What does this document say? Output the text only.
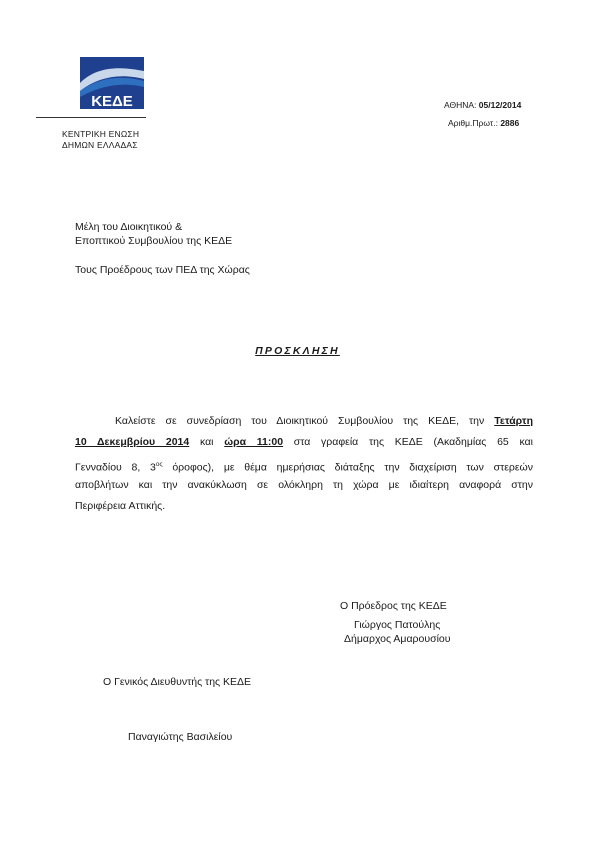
ΚΕΔΕ
ΚΕΝΤΡΙΚΗ ΕΝΩΣΗ
ΔΗΜΩΝ ΕΛΛΑΔΑΣ
ΑΘΗΝΑ: 05/12/2014
Αριθμ.Πρωτ.: 2886
Μέλη του Διοικητικού &
Εποπτικού Συμβουλίου της ΚΕΔΕ
Τους Προέδρους των ΠΕΔ της Χώρας
ΠΡΟΣΚΛΗΣΗ
Καλείστε σε συνεδρίαση του Διοικητικού Συμβουλίου της ΚΕΔΕ, την Τετάρτη
10 Δεκεμβρίου 2014 και ώρα 11:00 στα γραφεία της ΚΕΔΕ (Ακαδημίας 65 και
Γενναδίου 8, $3^{o\varsigma}$ όροφος), με θέμα ημερήσιας διάταξης την διαχείριση των στερεών
αποβλήτων και την ανακύκλωση σε ολόκληρη τη χώρα με ιδιαίτερη αναφορά στην
Περιφέρεια Αττικής.
Ο Πρόεδρος της ΚΕΔΕ
Γιώργος Πατούλης
Δήμαρχος Αμαρουσίου
Ο Γενικός Διευθυντής της ΚΕΔΕ
Παναγιώτης Βασιλείου
